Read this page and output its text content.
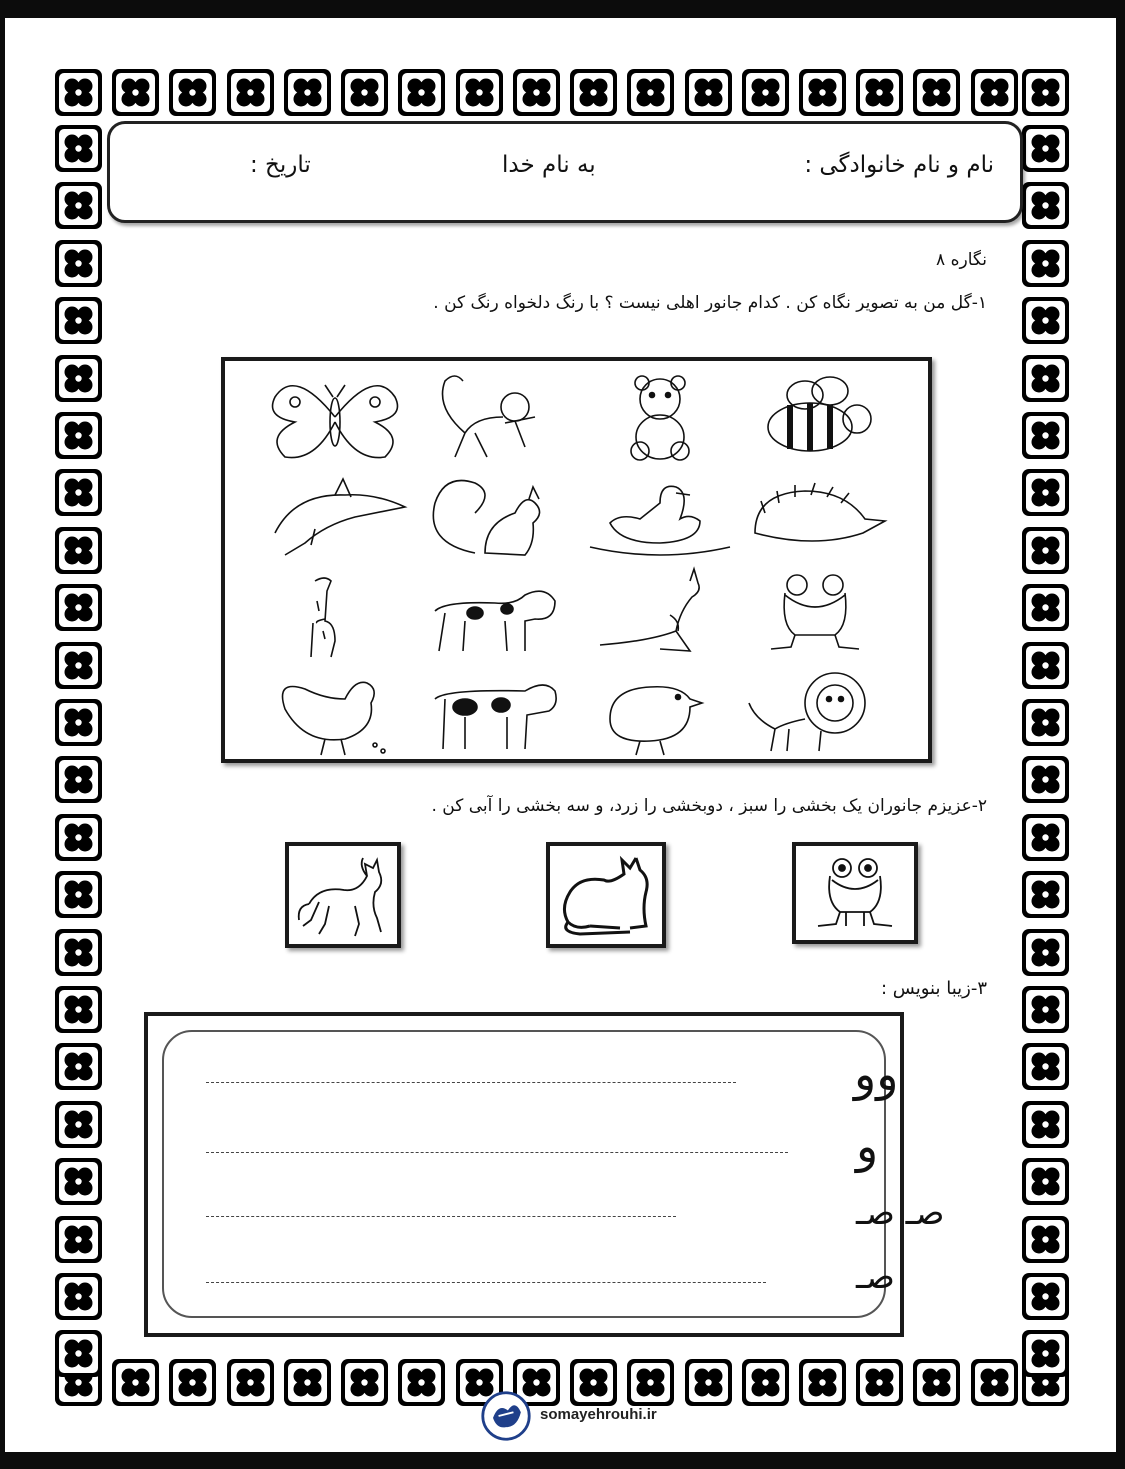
نام و نام خانوادگی :
به نام خدا
تاریخ :
نگاره ۸
۱-گل من به تصویر نگاه کن . کدام جانور اهلی نیست ؟ با رنگ دلخواه رنگ کن .
۲-عزیزم جانوران یک بخشی را سبز ، دوبخشی را زرد، و سه بخشی را آبی کن .
۳-زیبا بنویس :
وو
و
صـ صـ
صـ
somayehrouhi.ir
